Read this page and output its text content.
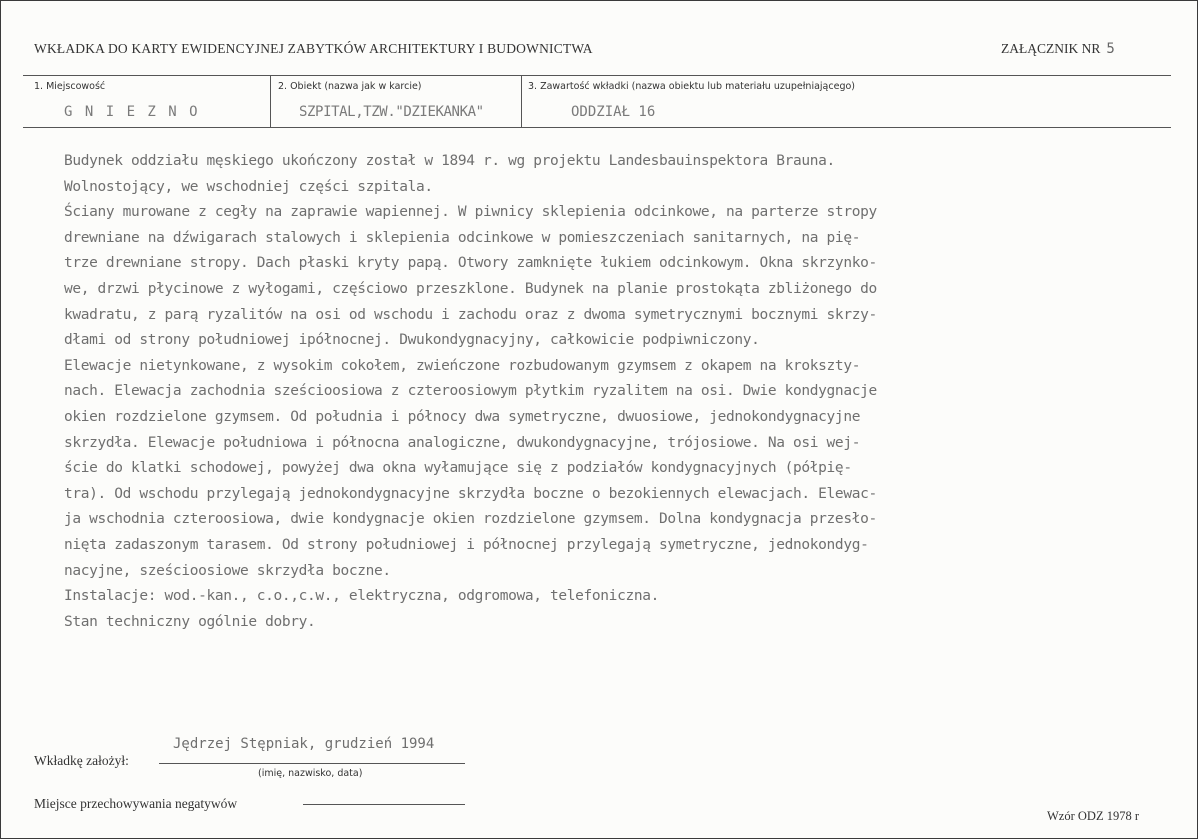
WKŁADKA DO KARTY EWIDENCYJNEJ ZABYTKÓW ARCHITEKTURY I BUDOWNICTWA	ZAŁĄCZNIK NR 5
1. Miejscowość
G N I E Z N O
2. Obiekt (nazwa jak w karcie)
SZPITAL,TZW."DZIEKANKA"
3. Zawartość wkładki (nazwa obiektu lub materiału uzupełniającego)
ODDZIAŁ 16
Budynek oddziału męskiego ukończony został w 1894 r. wg projektu Landesbauinspektora Brauna.
Wolnostojący, we wschodniej części szpitala.
Ściany murowane z cegły na zaprawie wapiennej. W piwnicy sklepienia odcinkowe, na parterze stropy
drewniane na dźwigarach stalowych i sklepienia odcinkowe w pomieszczeniach sanitarnych, na pię-
trze drewniane stropy. Dach płaski kryty papą. Otwory zamknięte łukiem odcinkowym. Okna skrzynko-
we, drzwi płycinowe z wyłogami, częściowo przeszklone. Budynek na planie prostokąta zbliżonego do
kwadratu, z parą ryzalitów na osi od wschodu i zachodu oraz z dwoma symetrycznymi bocznymi skrzy-
dłami od strony południowej ipółnocnej. Dwukondygnacyjny, całkowicie podpiwniczony.
Elewacje nietynkowane, z wysokim cokołem, zwieńczone rozbudowanym gzymsem z okapem na krokszty-
nach. Elewacja zachodnia sześcioosiowa z czteroosiowym płytkim ryzalitem na osi. Dwie kondygnacje
okien rozdzielone gzymsem. Od południa i północy dwa symetryczne, dwuosiowe, jednokondygnacyjne
skrzydła. Elewacje południowa i północna analogiczne, dwukondygnacyjne, trójosiowe. Na osi wej-
ście do klatki schodowej, powyżej dwa okna wyłamujące się z podziałów kondygnacyjnych (półpię-
tra). Od wschodu przylegają jednokondygnacyjne skrzydła boczne o bezokiennych elewacjach. Elewac-
ja wschodnia czteroosiowa, dwie kondygnacje okien rozdzielone gzymsem. Dolna kondygnacja przesło-
nięta zadaszonym tarasem. Od strony południowej i północnej przylegają symetryczne, jednokondyg-
nacyjne, sześcioosiowe skrzydła boczne.
Instalacje: wod.-kan., c.o.,c.w., elektryczna, odgromowa, telefoniczna.
Stan techniczny ogólnie dobry.
Jędrzej Stępniak, grudzień 1994
Wkładkę założył:
(imię, nazwisko, data)
Miejsce przechowywania negatywów
Wzór ODZ 1978 r
